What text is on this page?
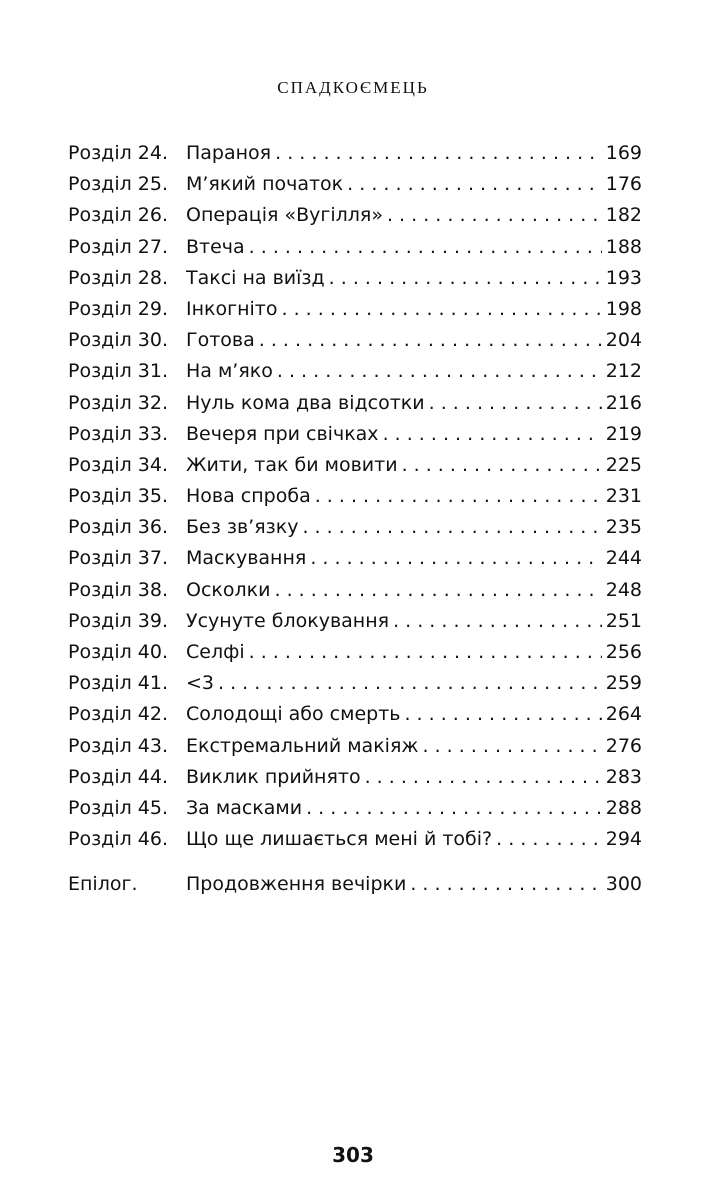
СПАДКОЄМЕЦЬ
Розділ 24. Параноя . . .	169
Розділ 25. М’який початок . . .	176
Розділ 26. Операція «Вугілля» . . .	182
Розділ 27. Втеча . . .	188
Розділ 28. Таксі на виїзд . . .	193
Розділ 29. Інкогніто . . .	198
Розділ 30. Готова . . .	204
Розділ 31. На м’яко . . .	212
Розділ 32. Нуль кома два відсотки . . .	216
Розділ 33. Вечеря при свічках . . .	219
Розділ 34. Жити, так би мовити . . .	225
Розділ 35. Нова спроба . . .	231
Розділ 36. Без зв’язку . . .	235
Розділ 37. Маскування . . .	244
Розділ 38. Осколки . . .	248
Розділ 39. Усунуте блокування . . .	251
Розділ 40. Селфі . . .	256
Розділ 41. <3 . . .	259
Розділ 42. Солодощі або смерть . . .	264
Розділ 43. Екстремальний макіяж . . .	276
Розділ 44. Виклик прийнято . . .	283
Розділ 45. За масками . . .	288
Розділ 46. Що ще лишається мені й тобі? . . .	294
Епілог.	Продовження вечірки . . .	300
303
